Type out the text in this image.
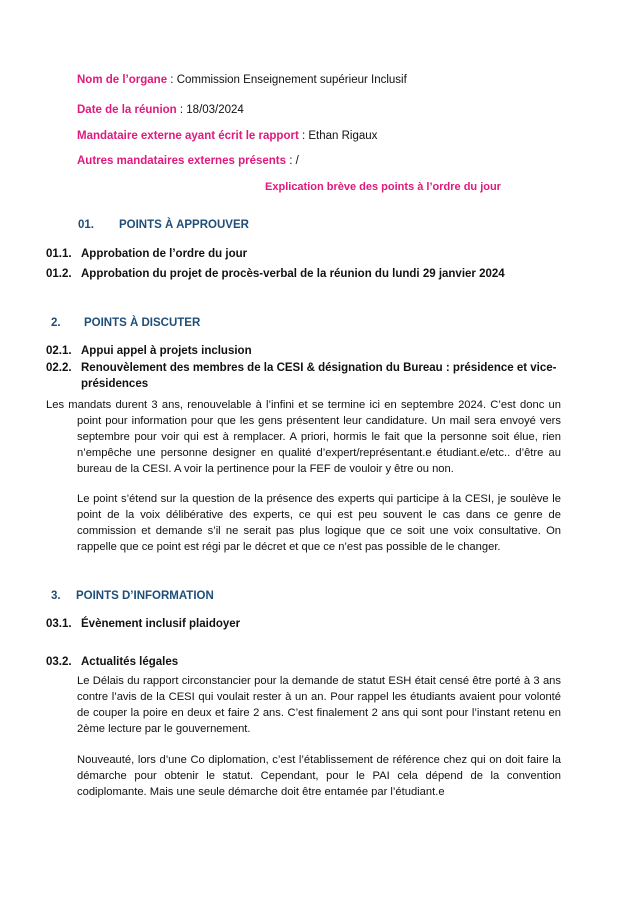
Nom de l’organe : Commission Enseignement supérieur Inclusif
Date de la réunion : 18/03/2024
Mandataire externe ayant écrit le rapport : Ethan Rigaux
Autres mandataires externes présents : /
Explication brève des points à l’ordre du jour
01. POINTS À APPROUVER
01.1. Approbation de l’ordre du jour
01.2. Approbation du projet de procès-verbal de la réunion du lundi 29 janvier 2024
2. POINTS À DISCUTER
02.1. Appui appel à projets inclusion
02.2. Renouvèlement des membres de la CESI & désignation du Bureau : présidence et vice-
présidences
Les mandats durent 3 ans, renouvelable à l’infini et se termine ici en septembre 2024. C’est donc un point pour information pour que les gens présentent leur candidature. Un mail sera envoyé vers septembre pour voir qui est à remplacer. A priori, hormis le fait que la personne soit élue, rien n’empêche une personne designer en qualité d’expert/représentant.e étudiant.e/etc.. d’être au bureau de la CESI. A voir la pertinence pour la FEF de vouloir y être ou non.
Le point s’étend sur la question de la présence des experts qui participe à la CESI, je soulève le point de la voix délibérative des experts, ce qui est peu souvent le cas dans ce genre de commission et demande s’il ne serait pas plus logique que ce soit une voix consultative. On rappelle que ce point est régi par le décret et que ce n’est pas possible de le changer.
3. POINTS D’INFORMATION
03.1. Évènement inclusif plaidoyer
03.2. Actualités légales
Le Délais du rapport circonstancier pour la demande de statut ESH était censé être porté à 3 ans contre l’avis de la CESI qui voulait rester à un an. Pour rappel les étudiants avaient pour volonté de couper la poire en deux et faire 2 ans. C’est finalement 2 ans qui sont pour l’instant retenu en 2ème lecture par le gouvernement.
Nouveauté, lors d’une Co diplomation, c’est l’établissement de référence chez qui on doit faire la démarche pour obtenir le statut. Cependant, pour le PAI cela dépend de la convention codiplomante. Mais une seule démarche doit être entamée par l’étudiant.e
